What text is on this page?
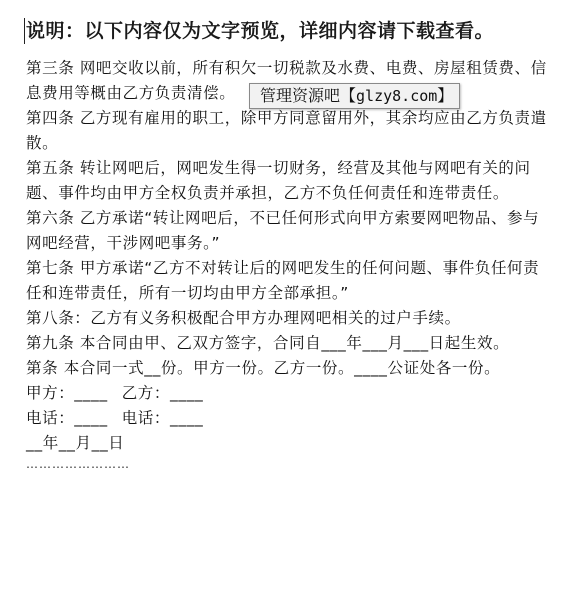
说明：以下内容仅为文字预览，详细内容请下载查看。

第三条 网吧交收以前，所有积欠一切税款及水费、电费、房屋租赁费、信息费用等概由乙方负责清偿。

第四条 乙方现有雇用的职工，除甲方同意留用外，其余均应由乙方负责遣散。

第五条 转让网吧后，网吧发生得一切财务，经营及其他与网吧有关的问题、事件均由甲方全权负责并承担，乙方不负任何责任和连带责任。

第六条 乙方承诺“转让网吧后，不已任何形式向甲方索要网吧物品、参与网吧经营，干涉网吧事务。”

第七条 甲方承诺“乙方不对转让后的网吧发生的任何问题、事件负任何责任和连带责任，所有一切均由甲方全部承担。”

第八条：乙方有义务积极配合甲方办理网吧相关的过户手续。

第九条 本合同由甲、乙双方签字，合同自___年___月___日起生效。

第条 本合同一式__份。甲方一份。乙方一份。____公证处各一份。

甲方：____ 乙方：____

电话：____ 电话：____

__年__月__日

……………………

管理资源吧【glzy8.com】
